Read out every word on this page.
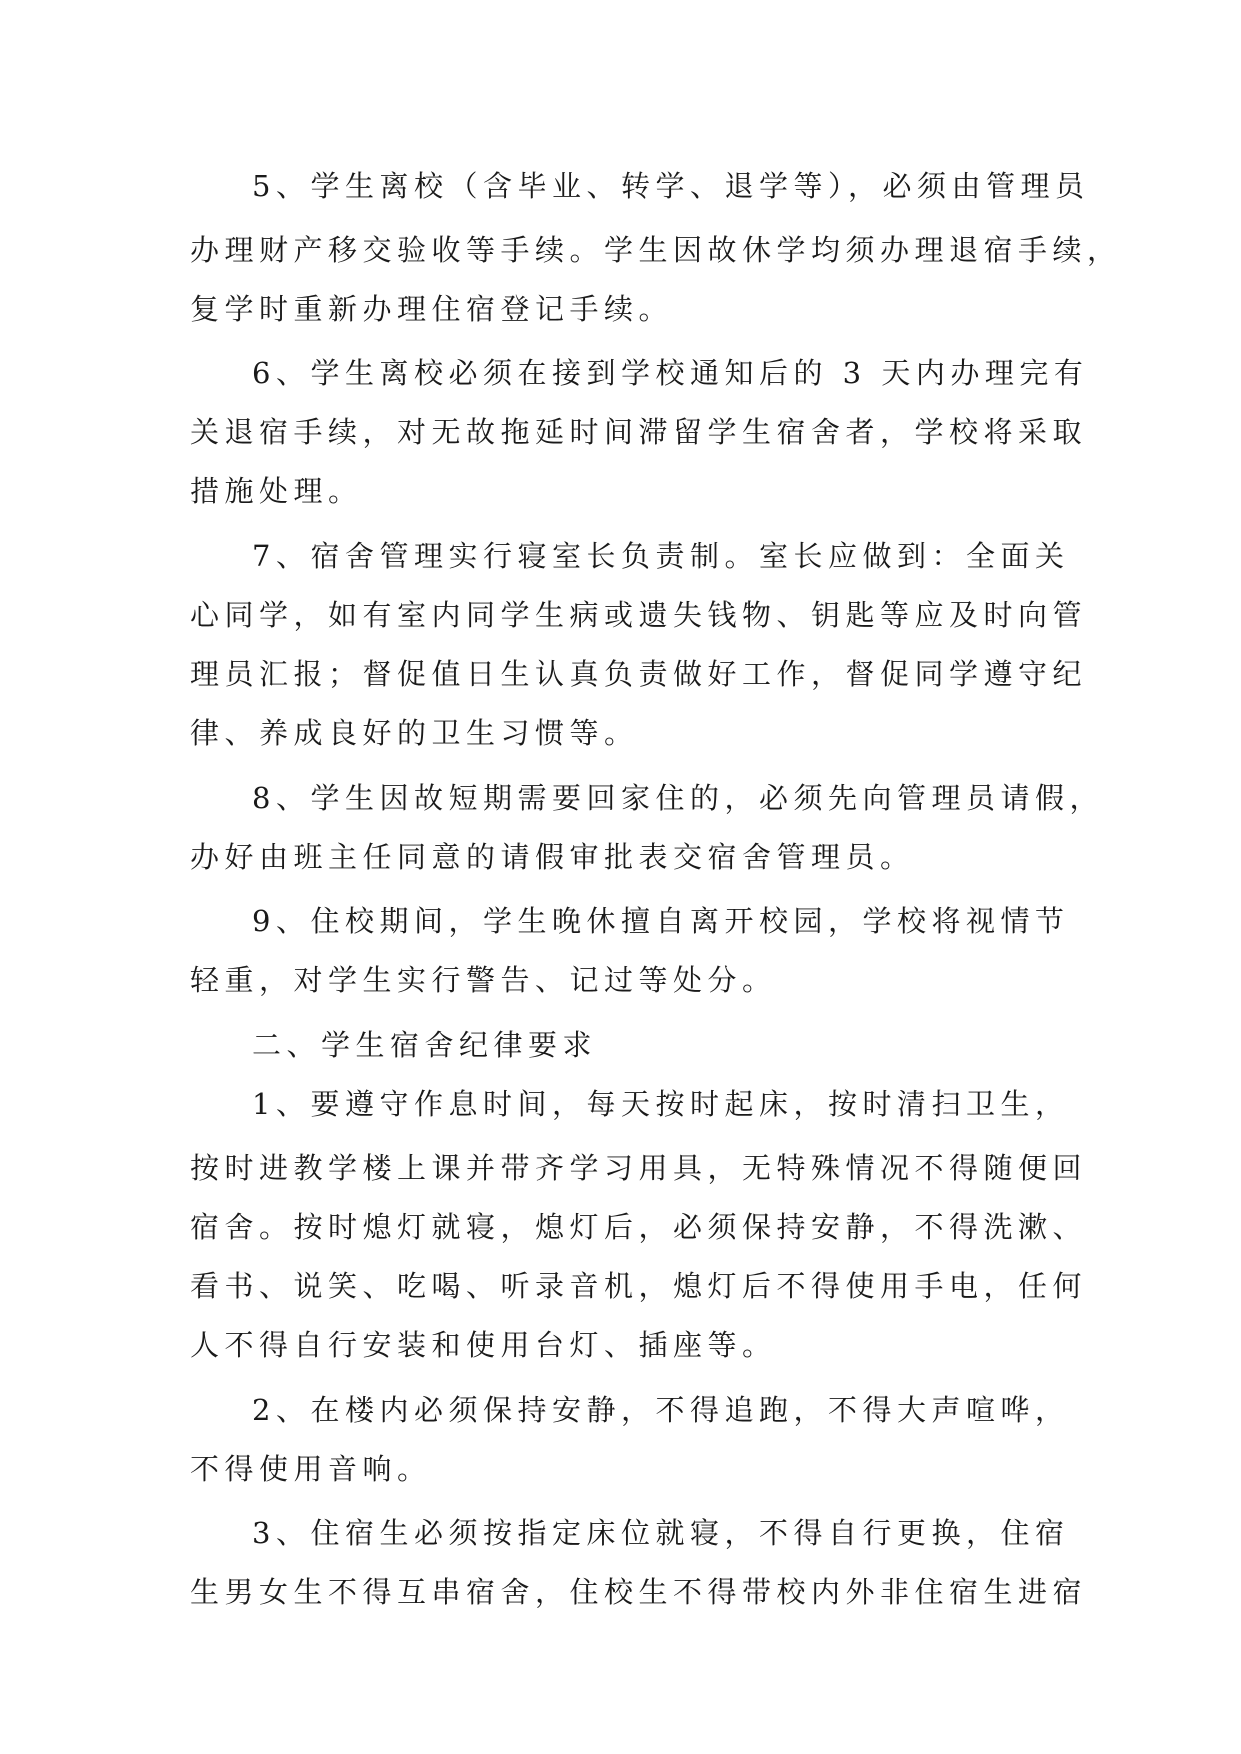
5、学生离校（含毕业、转学、退学等），必须由管理员
办理财产移交验收等手续。学生因故休学均须办理退宿手续，
复学时重新办理住宿登记手续。
6、学生离校必须在接到学校通知后的 3 天内办理完有
关退宿手续，对无故拖延时间滞留学生宿舍者，学校将采取
措施处理。
7、宿舍管理实行寝室长负责制。室长应做到：全面关
心同学，如有室内同学生病或遗失钱物、钥匙等应及时向管
理员汇报；督促值日生认真负责做好工作，督促同学遵守纪
律、养成良好的卫生习惯等。
8、学生因故短期需要回家住的，必须先向管理员请假，
办好由班主任同意的请假审批表交宿舍管理员。
9、住校期间，学生晚休擅自离开校园，学校将视情节
轻重，对学生实行警告、记过等处分。
二、学生宿舍纪律要求
1、要遵守作息时间，每天按时起床，按时清扫卫生，
按时进教学楼上课并带齐学习用具，无特殊情况不得随便回
宿舍。按时熄灯就寝，熄灯后，必须保持安静，不得洗漱、
看书、说笑、吃喝、听录音机，熄灯后不得使用手电，任何
人不得自行安装和使用台灯、插座等。
2、在楼内必须保持安静，不得追跑，不得大声喧哗，
不得使用音响。
3、住宿生必须按指定床位就寝，不得自行更换，住宿
生男女生不得互串宿舍，住校生不得带校内外非住宿生进宿
